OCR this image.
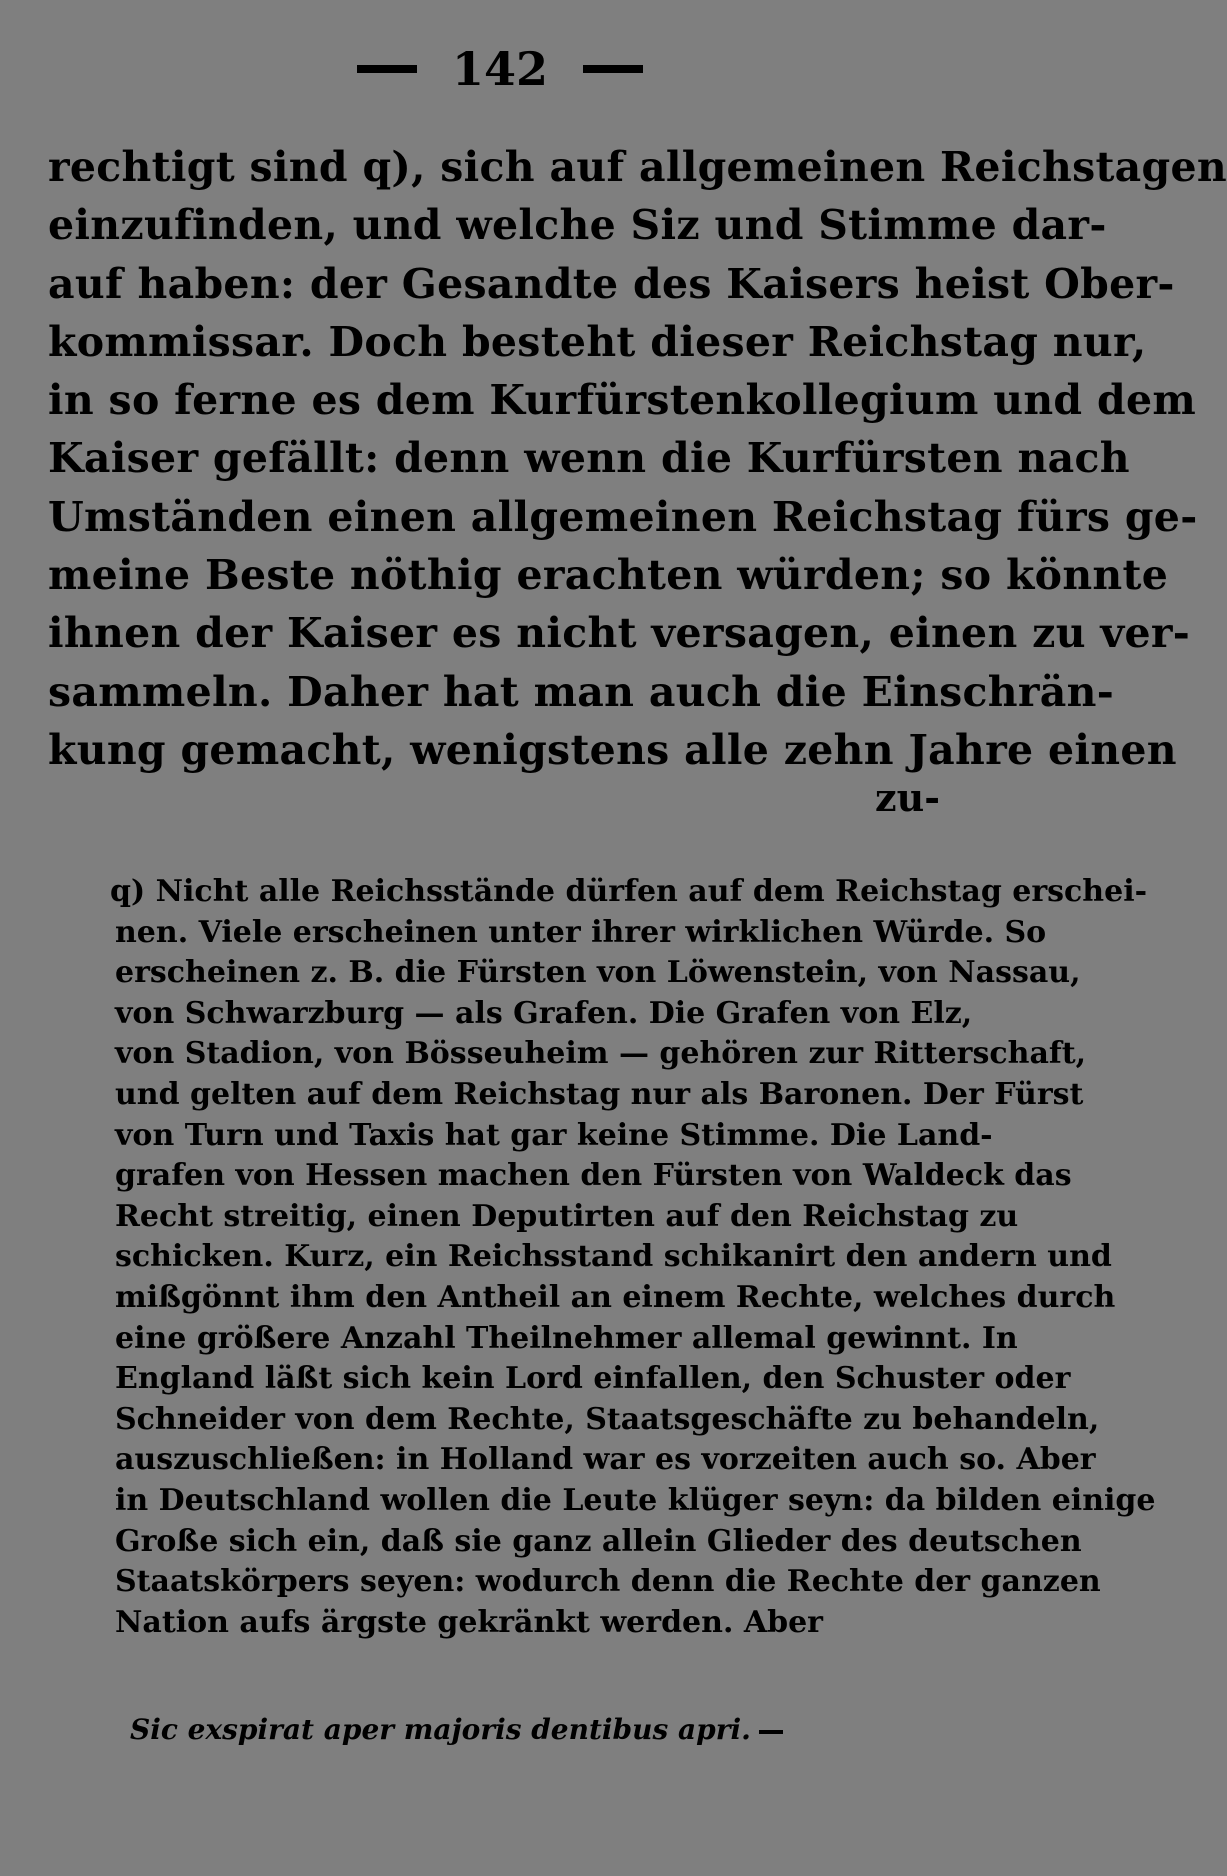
142
rechtigt sind q), sich auf allgemeinen Reichstagen
einzufinden, und welche Siz und Stimme dar-
auf haben: der Gesandte des Kaisers heist Ober-
kommissar. Doch besteht dieser Reichstag nur,
in so ferne es dem Kurfürstenkollegium und dem
Kaiser gefällt: denn wenn die Kurfürsten nach
Umständen einen allgemeinen Reichstag fürs ge-
meine Beste nöthig erachten würden; so könnte
ihnen der Kaiser es nicht versagen, einen zu ver-
sammeln. Daher hat man auch die Einschrän-
kung gemacht, wenigstens alle zehn Jahre einen
zu-
q) Nicht alle Reichsstände dürfen auf dem Reichstag erschei-
nen. Viele erscheinen unter ihrer wirklichen Würde. So
erscheinen z. B. die Fürsten von Löwenstein, von Nassau,
von Schwarzburg — als Grafen. Die Grafen von Elz,
von Stadion, von Bösseuheim — gehören zur Ritterschaft,
und gelten auf dem Reichstag nur als Baronen. Der Fürst
von Turn und Taxis hat gar keine Stimme. Die Land-
grafen von Hessen machen den Fürsten von Waldeck das
Recht streitig, einen Deputirten auf den Reichstag zu
schicken. Kurz, ein Reichsstand schikanirt den andern und
mißgönnt ihm den Antheil an einem Rechte, welches durch
eine größere Anzahl Theilnehmer allemal gewinnt. In
England läßt sich kein Lord einfallen, den Schuster oder
Schneider von dem Rechte, Staatsgeschäfte zu behandeln,
auszuschließen: in Holland war es vorzeiten auch so. Aber
in Deutschland wollen die Leute klüger seyn: da bilden einige
Große sich ein, daß sie ganz allein Glieder des deutschen
Staatskörpers seyen: wodurch denn die Rechte der ganzen
Nation aufs ärgste gekränkt werden. Aber
Sic exspirat aper majoris dentibus apri.
